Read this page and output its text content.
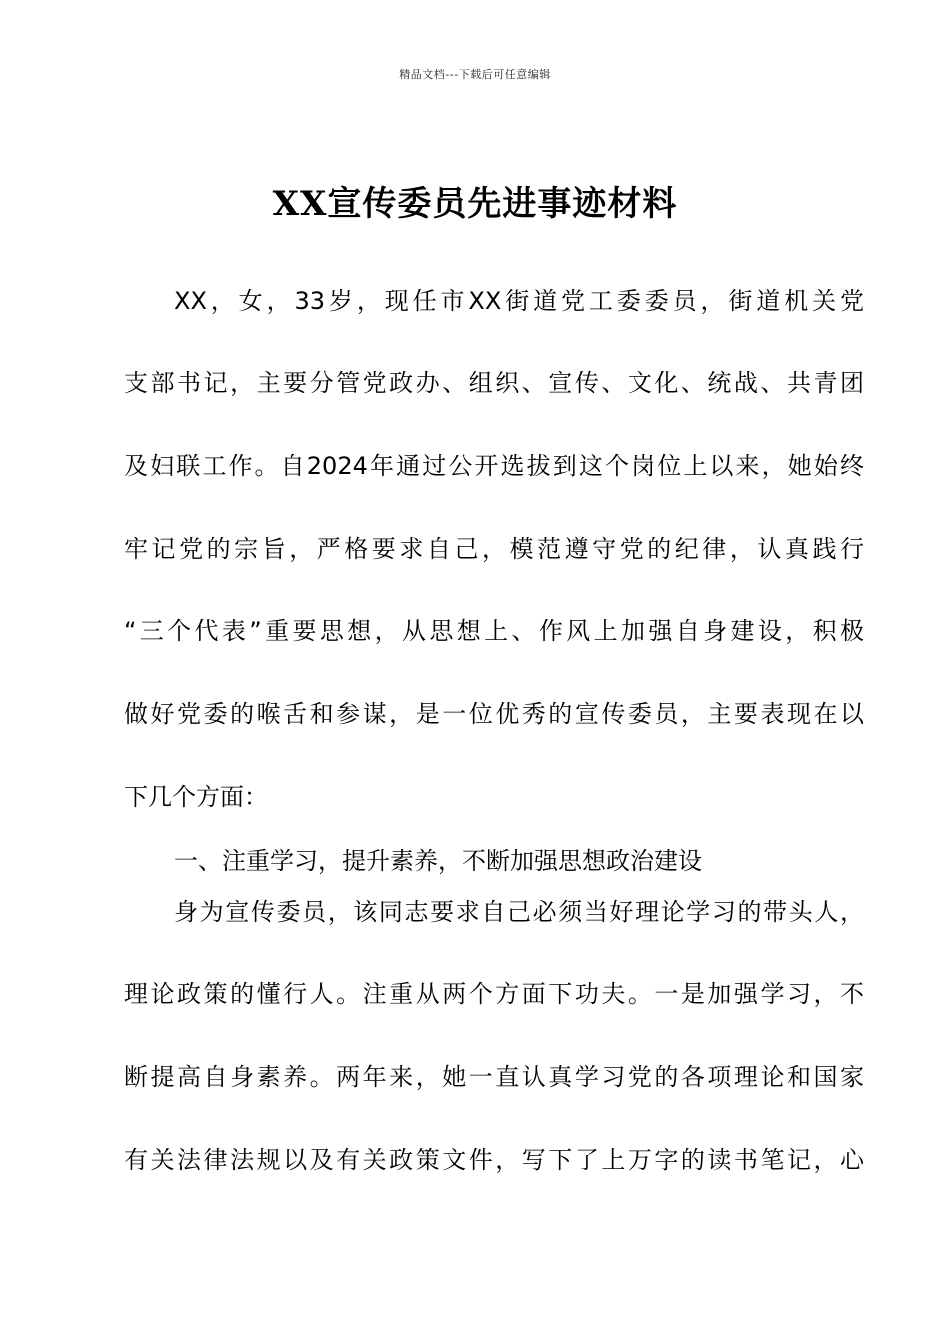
精品文档---下载后可任意编辑
XX宣传委员先进事迹材料
XX，女，33岁，现任市XX街道党工委委员，街道机关党
支部书记，主要分管党政办、组织、宣传、文化、统战、共青团
及妇联工作。自2024年通过公开选拔到这个岗位上以来，她始终
牢记党的宗旨，严格要求自己，模范遵守党的纪律，认真践行
“三个代表”重要思想，从思想上、作风上加强自身建设，积极
做好党委的喉舌和参谋，是一位优秀的宣传委员，主要表现在以
下几个方面：
一、注重学习，提升素养，不断加强思想政治建设
身为宣传委员，该同志要求自己必须当好理论学习的带头人，
理论政策的懂行人。注重从两个方面下功夫。一是加强学习，不
断提高自身素养。两年来，她一直认真学习党的各项理论和国家
有关法律法规以及有关政策文件，写下了上万字的读书笔记，心
